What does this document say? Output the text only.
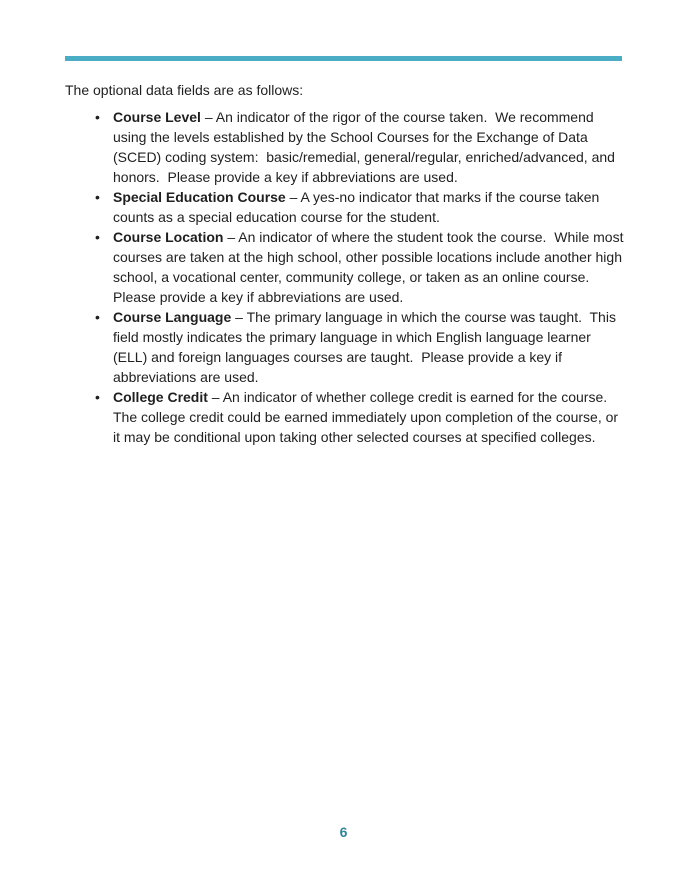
The optional data fields are as follows:

•
Course Level – An indicator of the rigor of the course taken.  We recommend using the levels established by the School Courses for the Exchange of Data (SCED) coding system:  basic/remedial, general/regular, enriched/advanced, and honors.  Please provide a key if abbreviations are used.
•
Special Education Course – A yes-no indicator that marks if the course taken counts as a special education course for the student.
•
Course Location – An indicator of where the student took the course.  While most courses are taken at the high school, other possible locations include another high school, a vocational center, community college, or taken as an online course.  Please provide a key if abbreviations are used.
•
Course Language – The primary language in which the course was taught.  This field mostly indicates the primary language in which English language learner (ELL) and foreign languages courses are taught.  Please provide a key if abbreviations are used.
•
College Credit – An indicator of whether college credit is earned for the course.  The college credit could be earned immediately upon completion of the course, or it may be conditional upon taking other selected courses at specified colleges.
6
